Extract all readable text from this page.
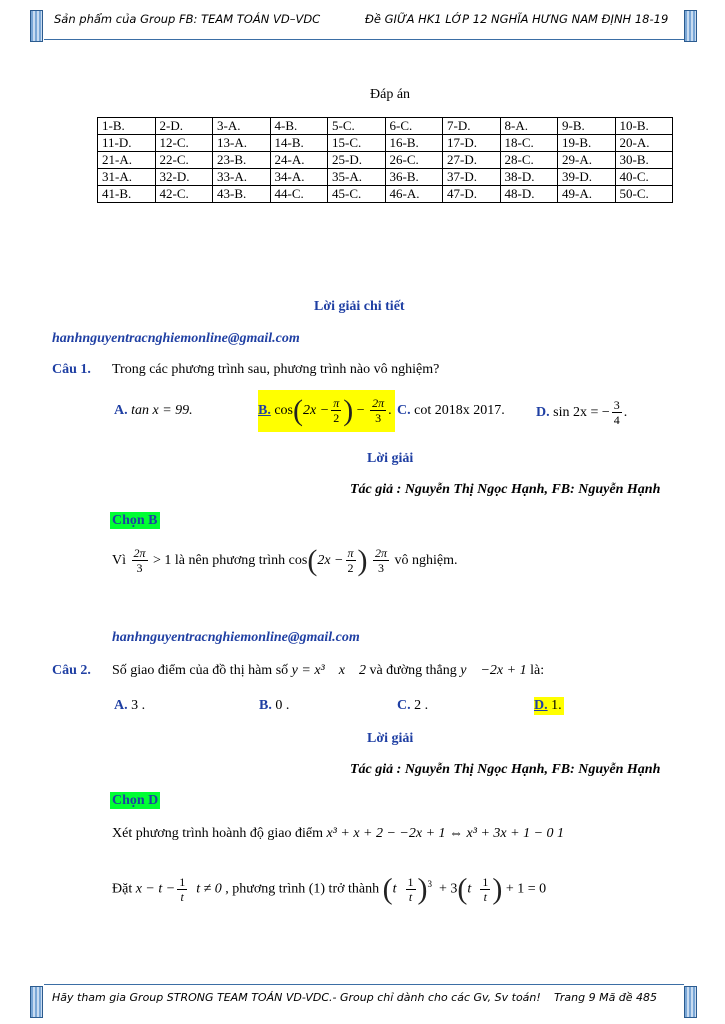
Sản phẩm của Group FB: TEAM TOÁN VD–VDC	Đề GIỮA HK1 LỚP 12 NGHĨA HƯNG NAM ĐỊNH 18-19
Đáp án
1-B.	2-D.	3-A.	4-B.	5-C.	6-C.	7-D.	8-A.	9-B.	10-B.
11-D.	12-C.	13-A.	14-B.	15-C.	16-B.	17-D.	18-C.	19-B.	20-A.
21-A.	22-C.	23-B.	24-A.	25-D.	26-C.	27-D.	28-C.	29-A.	30-B.
31-A.	32-D.	33-A.	34-A.	35-A.	36-B.	37-D.	38-D.	39-D.	40-C.
41-B.	42-C.	43-B.	44-C.	45-C.	46-A.	47-D.	48-D.	49-A.	50-C.
Lời giải chi tiết
hanhnguyentracnghiemonline@gmail.com
Câu 1. Trong các phương trình sau, phương trình nào vô nghiệm?
A. tan x = 99.	B. $\cos(2x - \frac{\pi}{2}$ ) − $\frac{2\pi}{3}$ . C. cot 2018x 2017. D. sin 2x = − $\frac{3}{4}$ .
Lời giải
Tác giả : Nguyễn Thị Ngọc Hạnh, FB: Nguyễn Hạnh
Chọn B
Vì $\frac{2\pi}{3} > 1$ là nên phương trình $\cos(2x - \frac{\pi}{2}$ ) $\frac{2\pi}{3}$ vô nghiệm.
hanhnguyentracnghiemonline@gmail.com
Câu 2. Số giao điểm của đồ thị hàm số y = x³    x    2 và đường thẳng y    −2x + 1 là:
A. 3 .	B. 0 .	C. 2 .	D. 1.
Lời giải
Tác giả : Nguyễn Thị Ngọc Hạnh, FB: Nguyễn Hạnh
Chọn D
Xét phương trình hoành độ giao điểm x³ + x + 2 − −2x + 1 ⇔ x³ + 3x + 1 − 0 1
Đặt $x - t - \frac{1}{t}$ t ≠ 0 , phương trình (1) trở thành $(t \frac{1}{t} )^3 + 3(t \frac{1}{t}$ ) + 1 = 0
Hãy tham gia Group STRONG TEAM TOÁN VD-VDC.- Group chỉ dành cho các Gv, Sv toán! Trang 9 Mã đề 485
